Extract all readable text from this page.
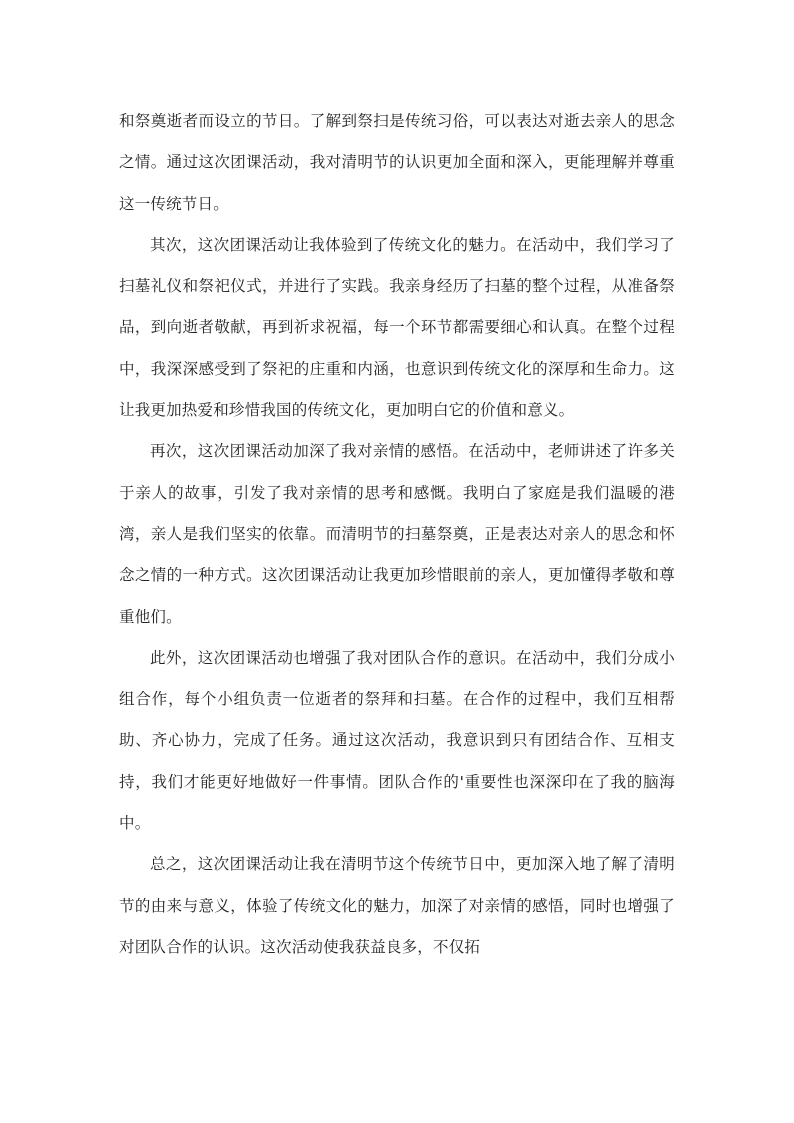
和祭奠逝者而设立的节日。了解到祭扫是传统习俗，可以表达对逝去亲人的思念之情。通过这次团课活动，我对清明节的认识更加全面和深入，更能理解并尊重这一传统节日。

其次，这次团课活动让我体验到了传统文化的魅力。在活动中，我们学习了扫墓礼仪和祭祀仪式，并进行了实践。我亲身经历了扫墓的整个过程，从准备祭品，到向逝者敬献，再到祈求祝福，每一个环节都需要细心和认真。在整个过程中，我深深感受到了祭祀的庄重和内涵，也意识到传统文化的深厚和生命力。这让我更加热爱和珍惜我国的传统文化，更加明白它的价值和意义。

再次，这次团课活动加深了我对亲情的感悟。在活动中，老师讲述了许多关于亲人的故事，引发了我对亲情的思考和感慨。我明白了家庭是我们温暖的港湾，亲人是我们坚实的依靠。而清明节的扫墓祭奠，正是表达对亲人的思念和怀念之情的一种方式。这次团课活动让我更加珍惜眼前的亲人，更加懂得孝敬和尊重他们。

此外，这次团课活动也增强了我对团队合作的意识。在活动中，我们分成小组合作，每个小组负责一位逝者的祭拜和扫墓。在合作的过程中，我们互相帮助、齐心协力，完成了任务。通过这次活动，我意识到只有团结合作、互相支持，我们才能更好地做好一件事情。团队合作的'重要性也深深印在了我的脑海中。

总之，这次团课活动让我在清明节这个传统节日中，更加深入地了解了清明节的由来与意义，体验了传统文化的魅力，加深了对亲情的感悟，同时也增强了对团队合作的认识。这次活动使我获益良多，不仅拓
